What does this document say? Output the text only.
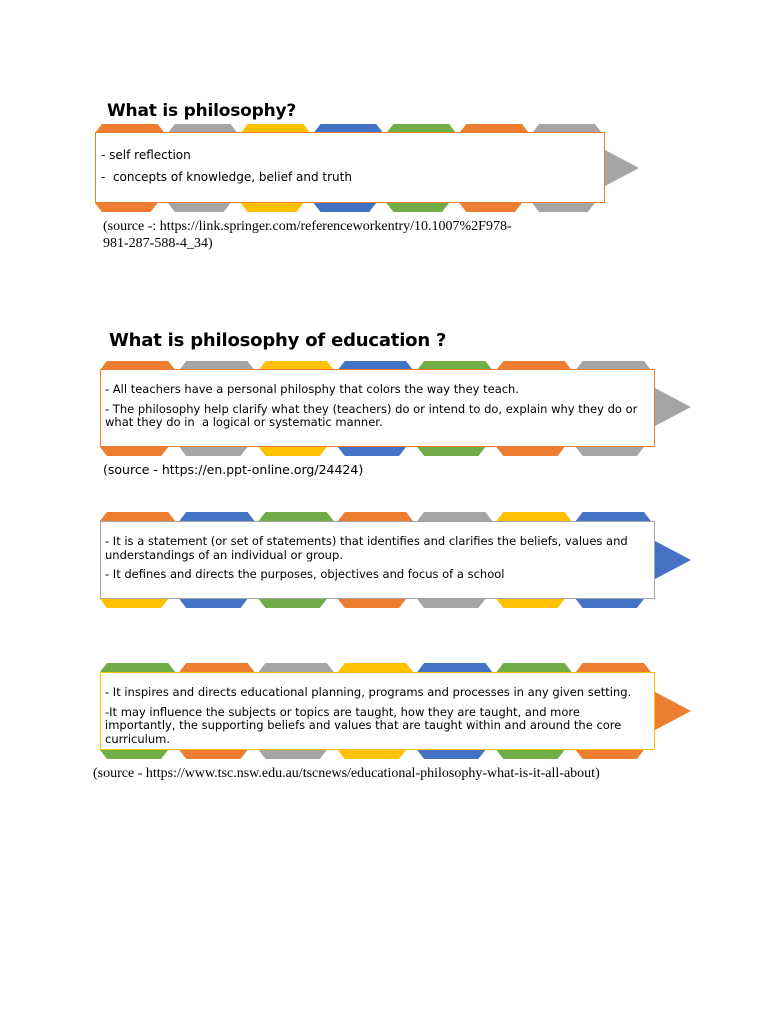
What is philosophy?
- self reflection
-  concepts of knowledge, belief and truth
(source -: https://link.springer.com/referenceworkentry/10.1007%2F978-
981-287-588-4_34)
What is philosophy of education ?
- All teachers have a personal philosphy that colors the way they teach.
- The philosophy help clarify what they (teachers) do or intend to do, explain why they do or what they do in  a logical or systematic manner.
(source - https://en.ppt-online.org/24424)
- It is a statement (or set of statements) that identifies and clarifies the beliefs, values and understandings of an individual or group.
- It defines and directs the purposes, objectives and focus of a school
- It inspires and directs educational planning, programs and processes in any given setting.
-It may influence the subjects or topics are taught, how they are taught, and more importantly, the supporting beliefs and values that are taught within and around the core curriculum.
(source - https://www.tsc.nsw.edu.au/tscnews/educational-philosophy-what-is-it-all-about)
